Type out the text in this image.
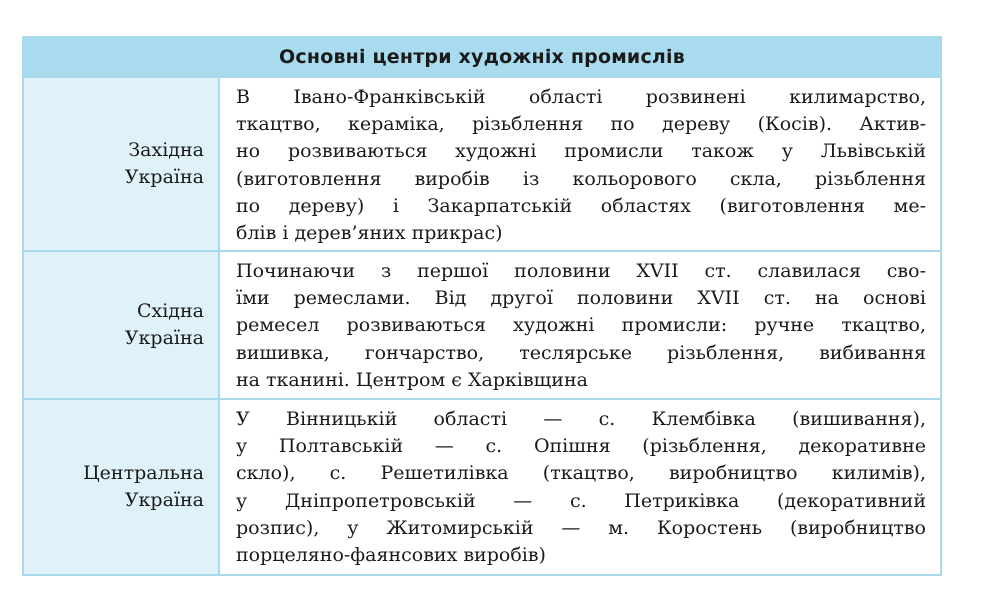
Основні центри художніх промислів
Західна
Україна
В Івано-Франківській області розвинені килимарство,
ткацтво, кераміка, різьблення по дереву (Косів). Актив-
но розвиваються художні промисли також у Львівській
(виготовлення виробів із кольорового скла, різьблення
по дереву) і Закарпатській областях (виготовлення ме-
блів і дерев’яних прикрас)
Східна
Україна
Починаючи з першої половини XVII ст. славилася сво-
їми ремеслами. Від другої половини XVII ст. на основі
ремесел розвиваються художні промисли: ручне ткацтво,
вишивка, гончарство, теслярське різьблення, вибивання
на тканині. Центром є Харківщина
Центральна
Україна
У Вінницькій області — с. Клембівка (вишивання),
у Полтавській — с. Опішня (різьблення, декоративне
скло), с. Решетилівка (ткацтво, виробництво килимів),
у Дніпропетровській — с. Петриківка (декоративний
розпис), у Житомирській — м. Коростень (виробництво
порцеляно-фаянсових виробів)
